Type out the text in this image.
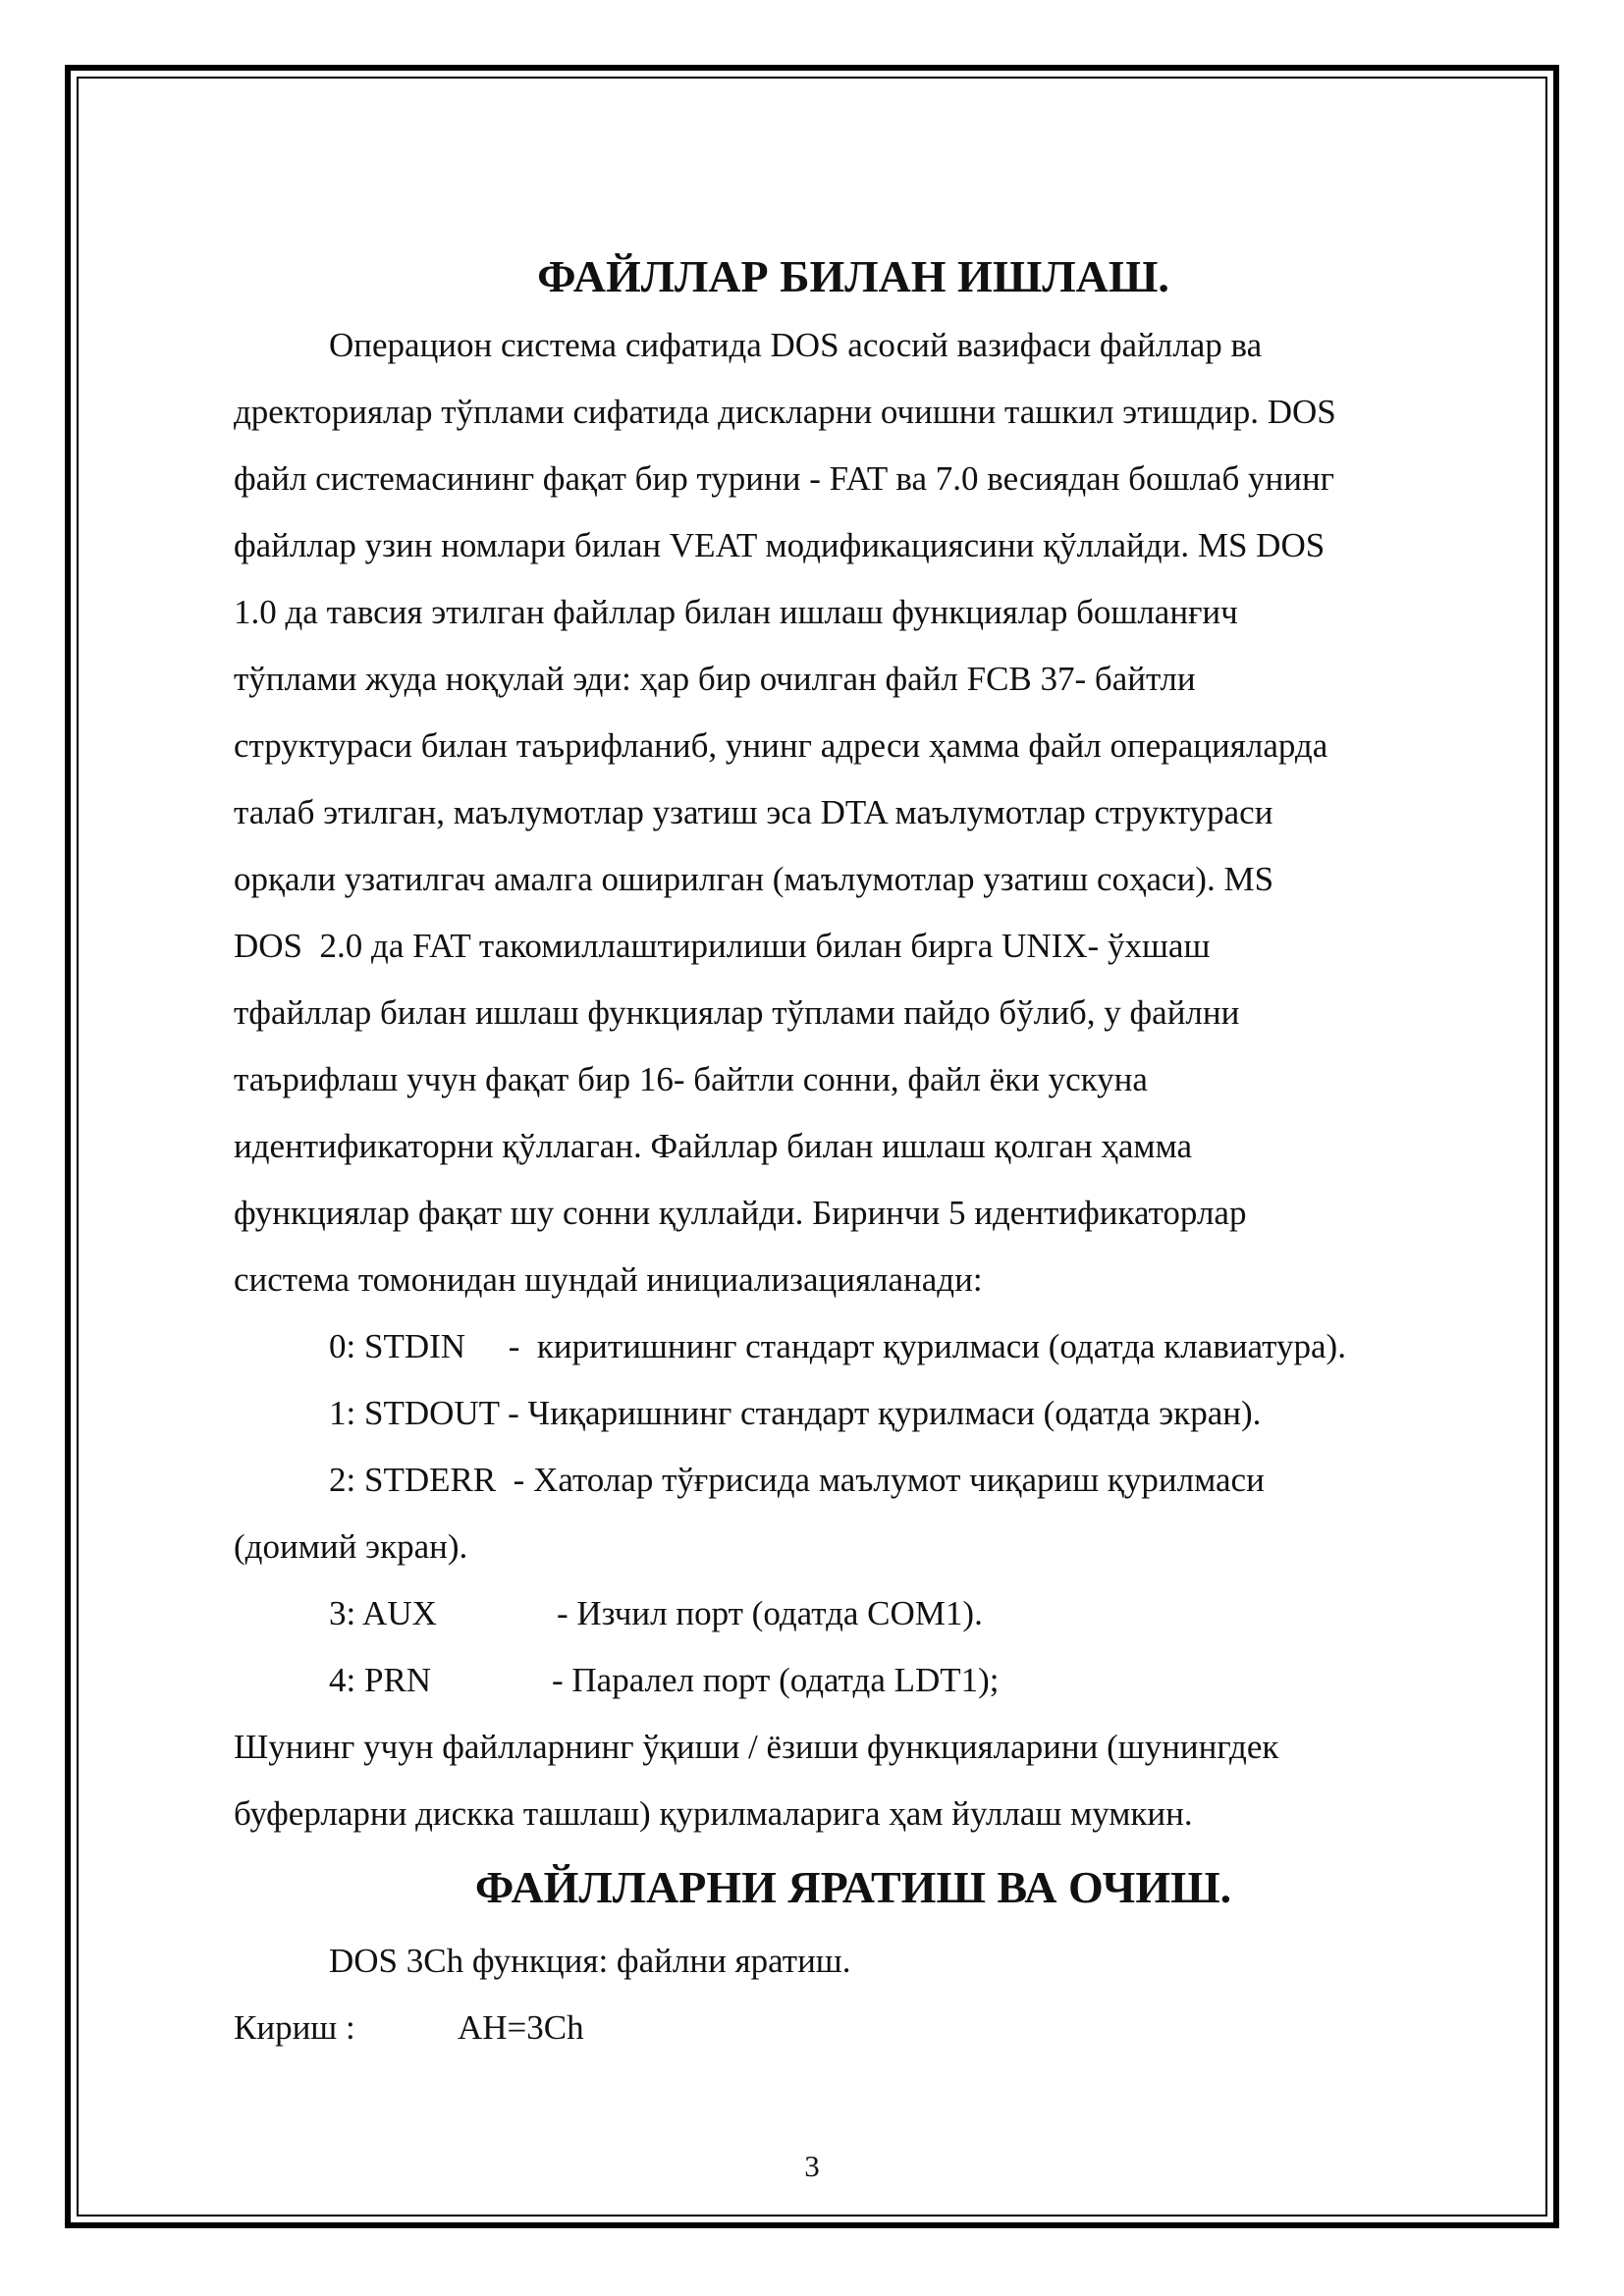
ФАЙЛЛАР БИЛАН ИШЛАШ.
Операцион система сифатида DOS асосий вазифаси файллар ва
дректориялар тўплами сифатида дискларни очишни ташкил этишдир. DOS
файл системасининг фақат бир турини - FAT ва 7.0 весиядан бошлаб унинг
файллар узин номлари билан VEAT модификациясини қўллайди. MS DOS
1.0 да тавсия этилган файллар билан ишлаш функциялар бошланғич
тўплами жуда ноқулай эди: ҳар бир очилган файл FCB 37- байтли
структураси билан таърифланиб, унинг адреси ҳамма файл операцияларда
талаб этилган, маълумотлар узатиш эса DTA маълумотлар структураси
орқали узатилгач амалга оширилган (маълумотлар узатиш соҳаси). MS
DOS  2.0 да FAT такомиллаштирилиши билан бирга UNIX- ўхшаш
тфайллар билан ишлаш функциялар тўплами пайдо бўлиб, у файлни
таърифлаш учун фақат бир 16- байтли сонни, файл ёки ускуна
идентификаторни қўллаган. Файллар билан ишлаш қолган ҳамма
функциялар фақат шу сонни қуллайди. Биринчи 5 идентификаторлар
система томонидан шундай инициализацияланади:
0: STDIN     -  киритишнинг стандарт қурилмаси (одатда клавиатура).
1: STDOUT - Чиқаришнинг стандарт қурилмаси (одатда экран).
2: STDERR  - Хатолар тўғрисида маълумот чиқариш қурилмаси
(доимий экран).
3: AUX	- Изчил порт (одатда COM1).
4: PRN	- Паралел порт (одатда LDT1);
Шунинг учун файлларнинг ўқиши / ёзиши функцияларини (шунингдек
буферларни дискка ташлаш) қурилмаларига ҳам йуллаш мумкин.
ФАЙЛЛАРНИ ЯРАТИШ ВА ОЧИШ.
DOS 3Ch функция: файлни яратиш.
Кириш :	AH=3Ch
3
